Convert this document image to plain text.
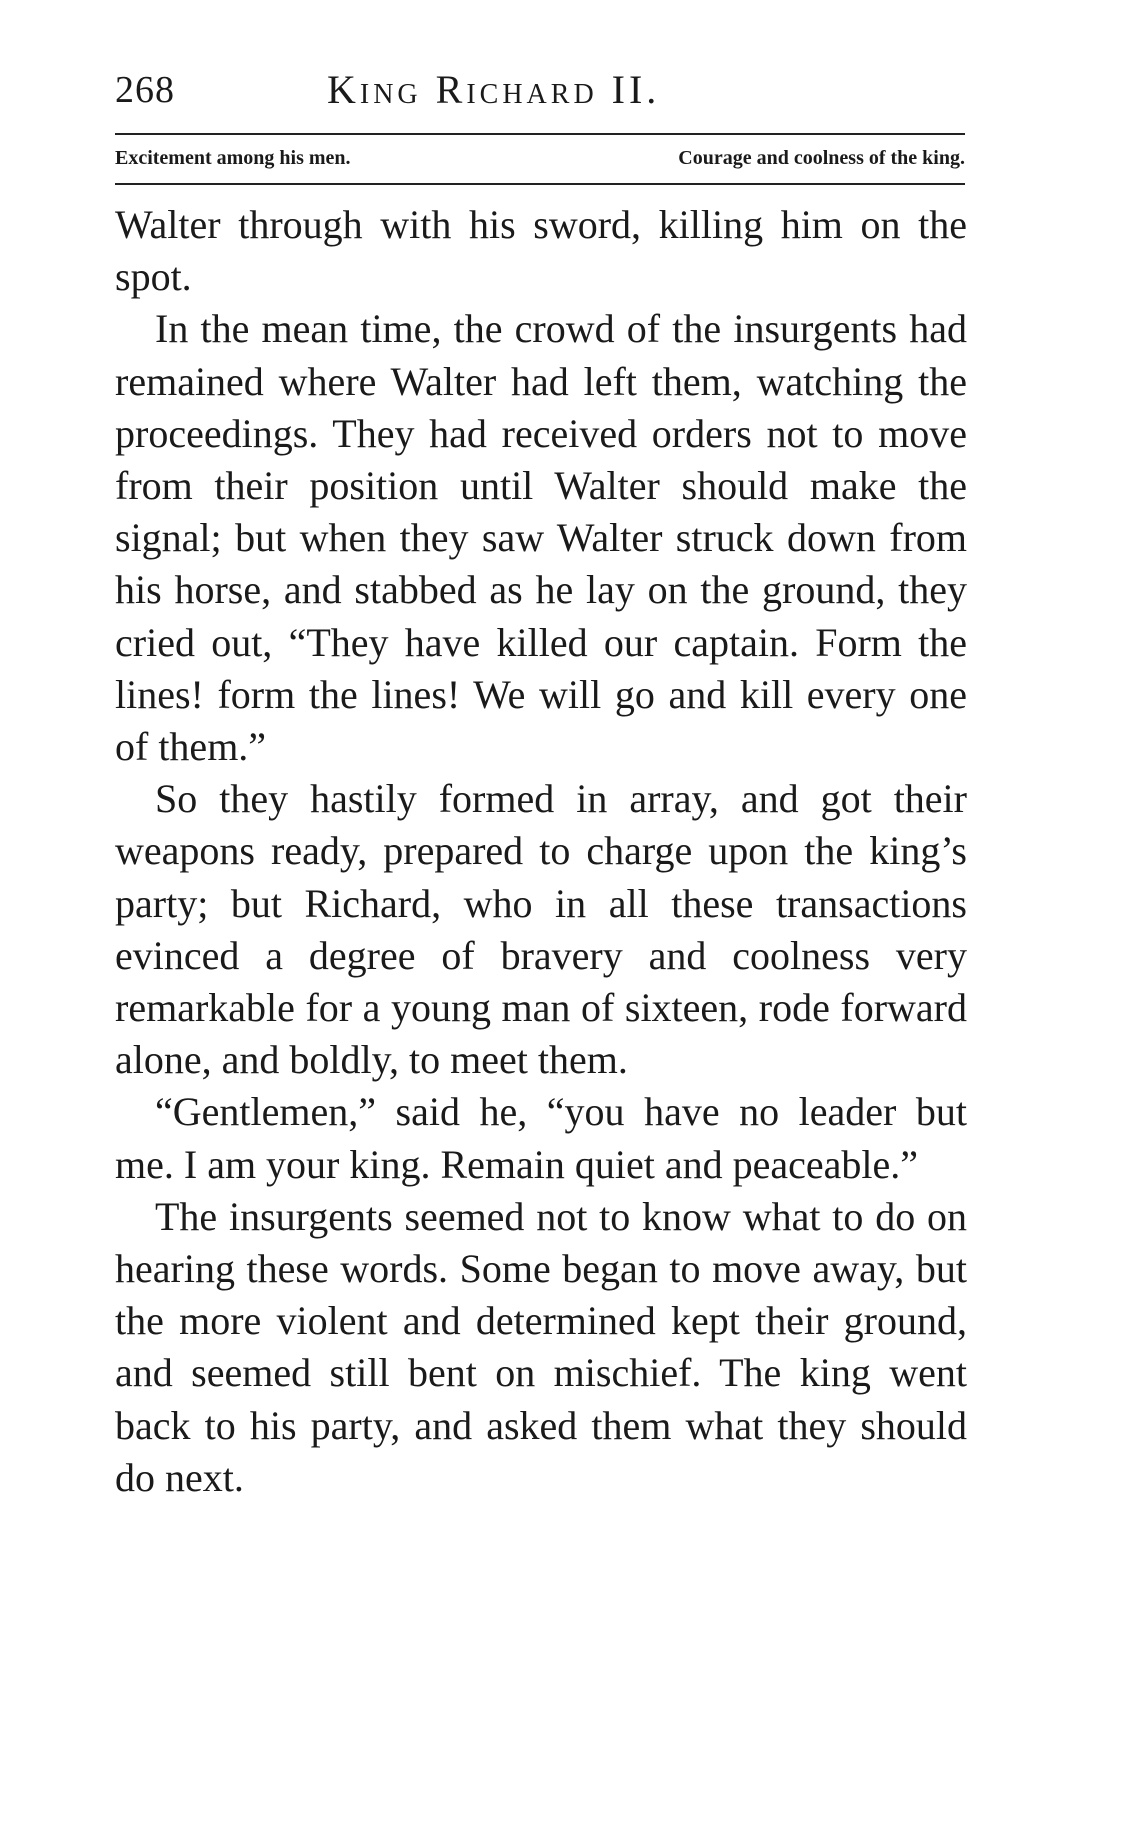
268	King Richard II.
Excitement among his men.	Courage and coolness of the king.

Walter through with his sword, killing him on the spot.

In the mean time, the crowd of the insurgents had remained where Walter had left them, watching the proceedings. They had received orders not to move from their position until Walter should make the signal; but when they saw Walter struck down from his horse, and stabbed as he lay on the ground, they cried out, “They have killed our captain. Form the lines! form the lines! We will go and kill every one of them.”

So they hastily formed in array, and got their weapons ready, prepared to charge upon the king’s party; but Richard, who in all these transactions evinced a degree of bravery and coolness very remarkable for a young man of sixteen, rode forward alone, and boldly, to meet them.

“Gentlemen,” said he, “you have no leader but me. I am your king. Remain quiet and peaceable.”

The insurgents seemed not to know what to do on hearing these words. Some began to move away, but the more violent and determined kept their ground, and seemed still bent on mischief. The king went back to his party, and asked them what they should do next.
